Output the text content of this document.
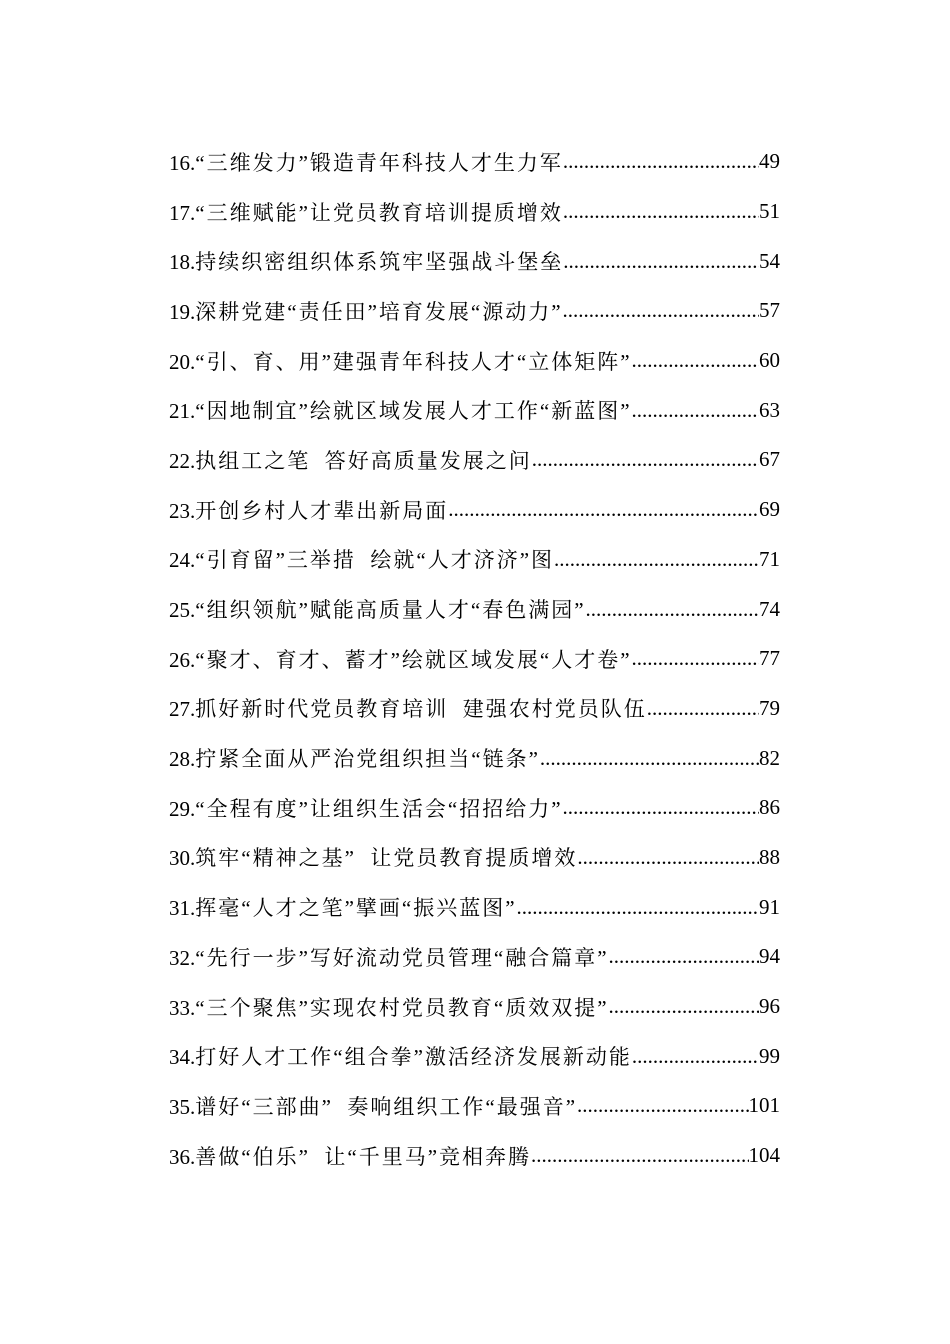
16.“三维发力”锻造青年科技人才生力军 .....	49
17.“三维赋能”让党员教育培训提质增效 .....	51
18.持续织密组织体系筑牢坚强战斗堡垒 .....	54
19.深耕党建“责任田”培育发展“源动力” .....	57
20.“引、育、用”建强青年科技人才“立体矩阵” .....	60
21.“因地制宜”绘就区域发展人才工作“新蓝图” .....	63
22.执组工之笔  答好高质量发展之问 .....	67
23.开创乡村人才辈出新局面 .....	69
24.“引育留”三举措  绘就“人才济济”图 .....	71
25.“组织领航”赋能高质量人才“春色满园” .....	74
26.“聚才、育才、蓄才”绘就区域发展“人才卷” .....	77
27.抓好新时代党员教育培训  建强农村党员队伍 .....	79
28.拧紧全面从严治党组织担当“链条” .....	82
29.“全程有度”让组织生活会“招招给力” .....	86
30.筑牢“精神之基”  让党员教育提质增效 .....	88
31.挥毫“人才之笔”擘画“振兴蓝图” .....	91
32.“先行一步”写好流动党员管理“融合篇章” .....	94
33.“三个聚焦”实现农村党员教育“质效双提” .....	96
34.打好人才工作“组合拳”激活经济发展新动能 .....	99
35.谱好“三部曲”  奏响组织工作“最强音” .....	101
36.善做“伯乐”  让“千里马”竞相奔腾 .....	104
